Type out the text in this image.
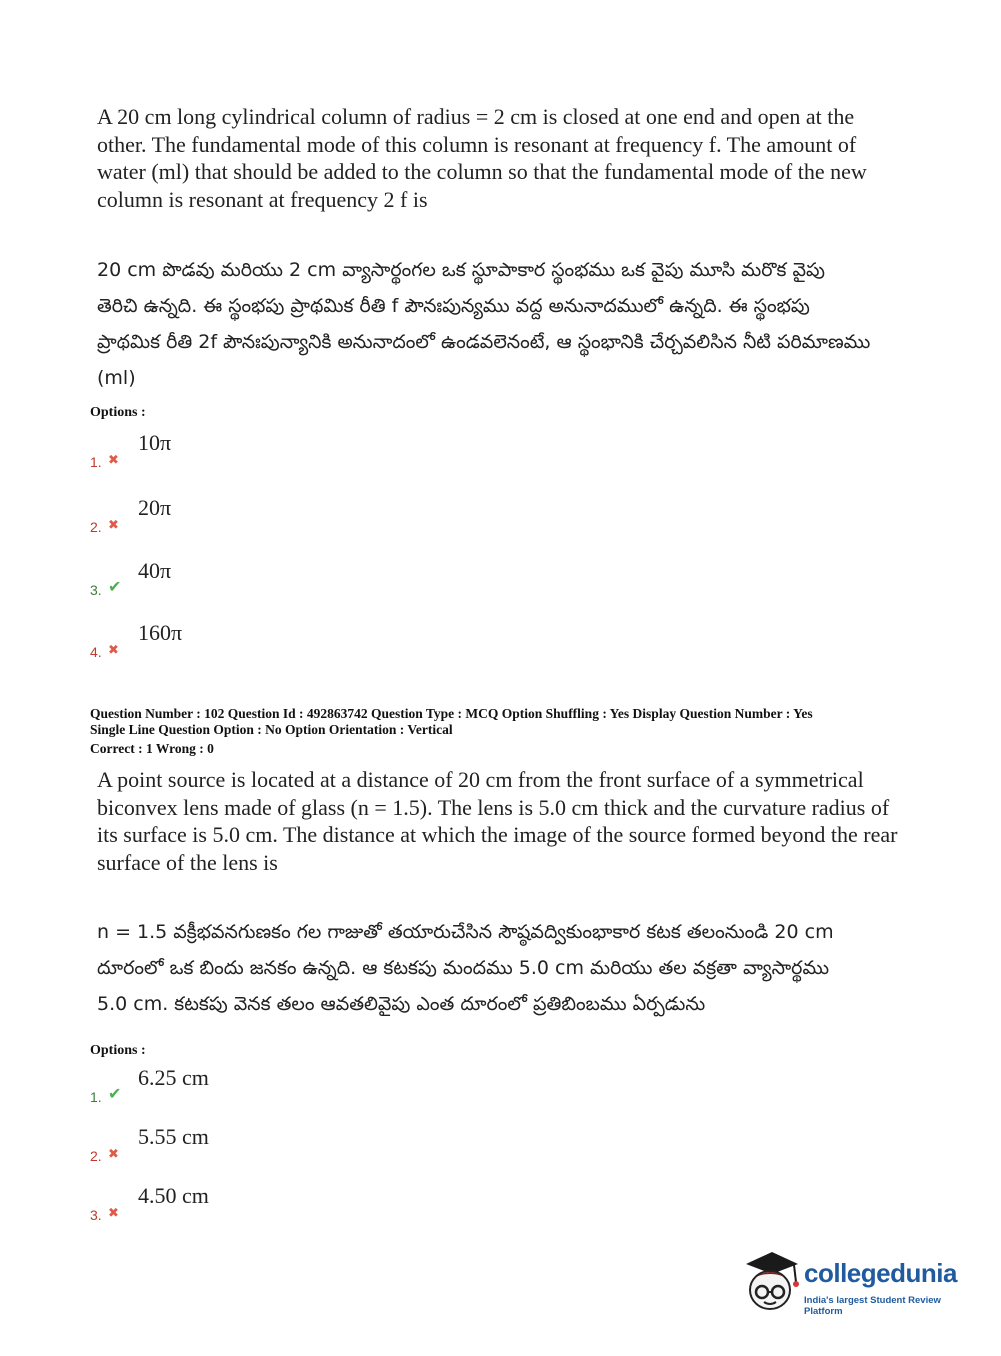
A 20 cm long cylindrical column of radius = 2 cm is closed at one end and open at the
other. The fundamental mode of this column is resonant at frequency f. The amount of
water (ml) that should be added to the column so that the fundamental mode of the new
column is resonant at frequency 2 f is
20 cm పొడవు మరియు 2 cm వ్యాసార్థంగల ఒక స్థూపాకార స్థంభము ఒక వైపు మూసి మరొక వైపు
తెరిచి ఉన్నది. ఈ స్థంభపు ప్రాథమిక రీతి f పౌనఃపున్యము వద్ద అనునాదములో ఉన్నది. ఈ స్థంభపు
ప్రాథమిక రీతి 2f పౌనఃపున్యానికి అనునాదంలో ఉండవలెనంటే, ఆ స్థంభానికి చేర్చవలిసిన నీటి పరిమాణము
(ml)
Options :
1. ✖
10π
2. ✖
20π
3. ✔
40π
4. ✖
160π
Question Number : 102 Question Id : 492863742 Question Type : MCQ Option Shuffling : Yes Display Question Number : Yes
Single Line Question Option : No Option Orientation : Vertical
Correct : 1 Wrong : 0
A point source is located at a distance of 20 cm from the front surface of a symmetrical
biconvex lens made of glass (n = 1.5). The lens is 5.0 cm thick and the curvature radius of
its surface is 5.0 cm. The distance at which the image of the source formed beyond the rear
surface of the lens is
n = 1.5 వక్రీభవనగుణకం గల గాజుతో తయారుచేసిన సౌష్ఠవద్వికుంభాకార కటక తలంనుండి 20 cm
దూరంలో ఒక బిందు జనకం ఉన్నది. ఆ కటకపు మందము 5.0 cm మరియు తల వక్రతా వ్యాసార్థము
5.0 cm. కటకపు వెనక తలం ఆవతలివైపు ఎంత దూరంలో ప్రతిబింబము ఏర్పడును
Options :
1. ✔
6.25 cm
2. ✖
5.55 cm
3. ✖
4.50 cm
collegedunia
India's largest Student Review Platform
